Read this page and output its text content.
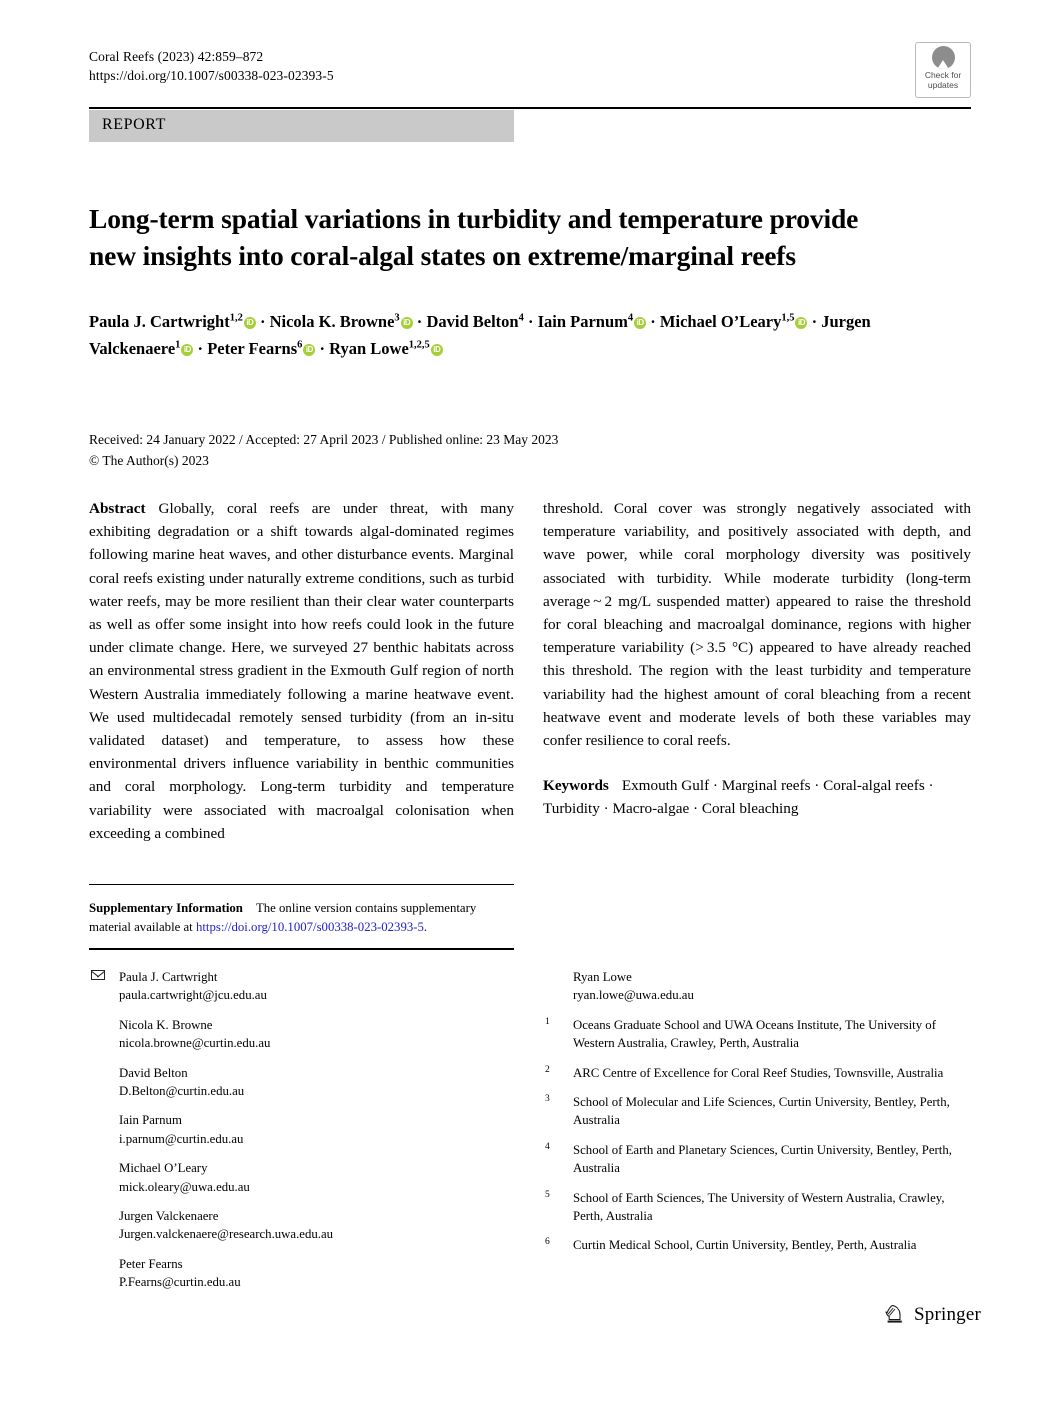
Coral Reefs (2023) 42:859–872
https://doi.org/10.1007/s00338-023-02393-5	Check for
updates
REPORT
Long-term spatial variations in turbidity and temperature provide new insights into coral-algal states on extreme/marginal reefs
Paula J. Cartwright$^{1,2}$ iD · Nicola K. Browne$^3$ iD · David Belton$^4$ · Iain Parnum$^4$ iD · Michael O’Leary$^{1,5}$ iD · Jurgen Valckenaere$^1$ iD · Peter Fearns$^6$ iD · Ryan Lowe$^{1,2,5}$ iD
Received: 24 January 2022 / Accepted: 27 April 2023 / Published online: 23 May 2023
© The Author(s) 2023
Abstract Globally, coral reefs are under threat, with many exhibiting degradation or a shift towards algal-dominated regimes following marine heat waves, and other disturbance events. Marginal coral reefs existing under naturally extreme conditions, such as turbid water reefs, may be more resilient than their clear water counterparts as well as offer some insight into how reefs could look in the future under climate change. Here, we surveyed 27 benthic habitats across an environmental stress gradient in the Exmouth Gulf region of north Western Australia immediately following a marine heatwave event. We used multidecadal remotely sensed turbidity (from an in-situ validated dataset) and temperature, to assess how these environmental drivers influence variability in benthic communities and coral morphology. Long-term turbidity and temperature variability were associated with macroalgal colonisation when exceeding a combined
threshold. Coral cover was strongly negatively associated with temperature variability, and positively associated with depth, and wave power, while coral morphology diversity was positively associated with turbidity. While moderate turbidity (long-term average ~ 2 mg/L suspended matter) appeared to raise the threshold for coral bleaching and macroalgal dominance, regions with higher temperature variability (> 3.5 °C) appeared to have already reached this threshold. The region with the least turbidity and temperature variability had the highest amount of coral bleaching from a recent heatwave event and moderate levels of both these variables may confer resilience to coral reefs.
Keywords Exmouth Gulf · Marginal reefs · Coral-algal reefs · Turbidity · Macro-algae · Coral bleaching
Supplementary Information The online version contains supplementary material available at https://doi.org/10.1007/s00338-023-02393-5.
Paula J. Cartwright
paula.cartwright@jcu.edu.au
Nicola K. Browne
nicola.browne@curtin.edu.au
David Belton
D.Belton@curtin.edu.au
Iain Parnum
i.parnum@curtin.edu.au
Michael O’Leary
mick.oleary@uwa.edu.au
Jurgen Valckenaere
Jurgen.valckenaere@research.uwa.edu.au
Peter Fearns
P.Fearns@curtin.edu.au
Ryan Lowe
ryan.lowe@uwa.edu.au
1 Oceans Graduate School and UWA Oceans Institute, The University of Western Australia, Crawley, Perth, Australia
2 ARC Centre of Excellence for Coral Reef Studies, Townsville, Australia
3 School of Molecular and Life Sciences, Curtin University, Bentley, Perth, Australia
4 School of Earth and Planetary Sciences, Curtin University, Bentley, Perth, Australia
5 School of Earth Sciences, The University of Western Australia, Crawley, Perth, Australia
6 Curtin Medical School, Curtin University, Bentley, Perth, Australia
Springer
